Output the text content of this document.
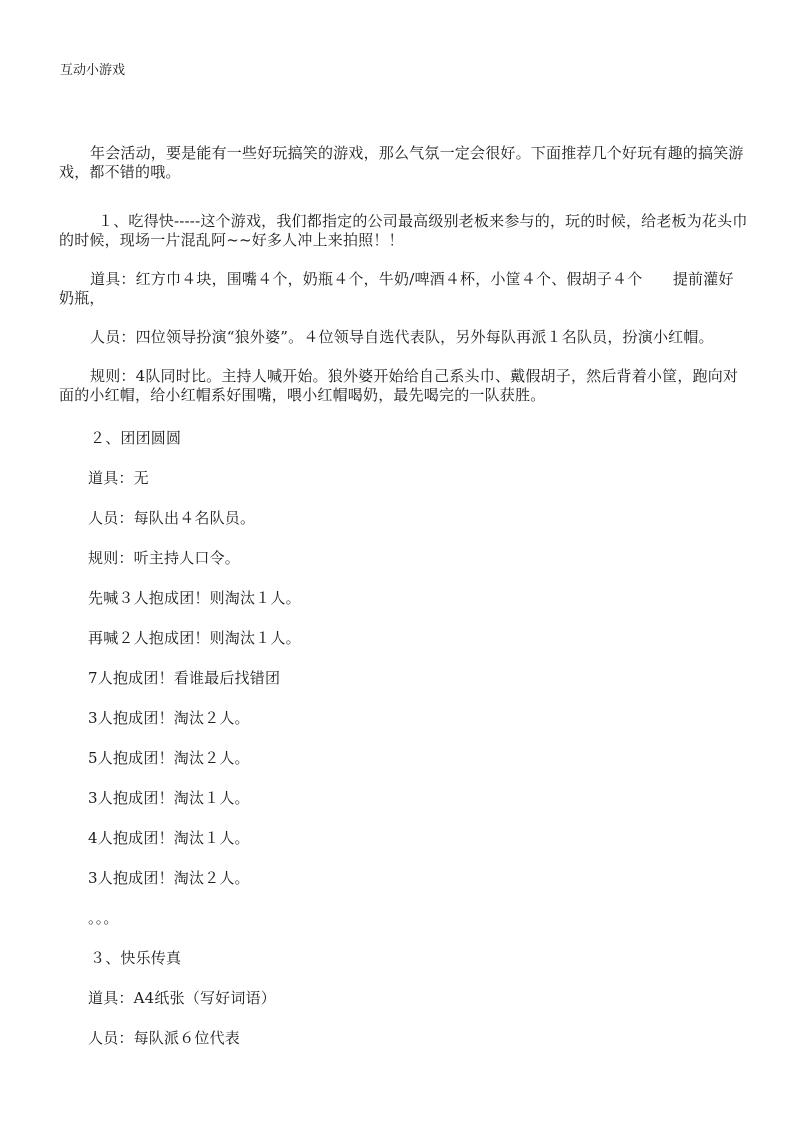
互动小游戏

年会活动，要是能有一些好玩搞笑的游戏，那么气氛一定会很好。下面推荐几个好玩有趣的搞笑游戏，都不错的哦。

１、吃得快-----这个游戏，我们都指定的公司最高级别老板来参与的，玩的时候，给老板为花头巾的时候，现场一片混乱阿~~好多人冲上来拍照！！

道具：红方巾４块，围嘴４个，奶瓶４个，牛奶/啤酒４杯，小筐４个、假胡子４个　　提前灌好奶瓶，

人员：四位领导扮演“狼外婆”。４位领导自选代表队，另外每队再派１名队员，扮演小红帽。

规则：4队同时比。主持人喊开始。狼外婆开始给自己系头巾、戴假胡子，然后背着小筐，跑向对面的小红帽，给小红帽系好围嘴，喂小红帽喝奶，最先喝完的一队获胜。

２、团团圆圆

道具：无

人员：每队出４名队员。

规则：听主持人口令。

先喊３人抱成团！则淘汰１人。

再喊２人抱成团！则淘汰１人。

7人抱成团！看谁最后找错团

3人抱成团！淘汰２人。

5人抱成团！淘汰２人。

3人抱成团！淘汰１人。

4人抱成团！淘汰１人。

3人抱成团！淘汰２人。

。。。

３、快乐传真

道具：A4纸张（写好词语）

人员：每队派６位代表
